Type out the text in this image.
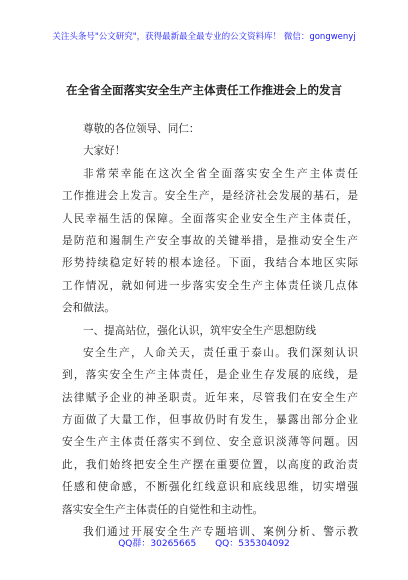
关注头条号"公文研究"，获得最新最全最专业的公文资料库！ 微信：gongwenyj
在全省全面落实安全生产主体责任工作推进会上的发言
尊敬的各位领导、同仁：
大家好！
非常荣幸能在这次全省全面落实安全生产主体责任
工作推进会上发言。安全生产，是经济社会发展的基石，是
人民幸福生活的保障。全面落实企业安全生产主体责任，
是防范和遏制生产安全事故的关键举措，是推动安全生产
形势持续稳定好转的根本途径。下面，我结合本地区实际
工作情况，就如何进一步落实安全生产主体责任谈几点体
会和做法。
一、提高站位，强化认识，筑牢安全生产思想防线
安全生产，人命关天，责任重于泰山。我们深刻认识
到，落实安全生产主体责任，是企业生存发展的底线，是
法律赋予企业的神圣职责。近年来，尽管我们在安全生产
方面做了大量工作，但事故仍时有发生，暴露出部分企业
安全生产主体责任落实不到位、安全意识淡薄等问题。因
此，我们始终把安全生产摆在重要位置，以高度的政治责
任感和使命感，不断强化红线意识和底线思维，切实增强
落实安全生产主体责任的自觉性和主动性。
我们通过开展安全生产专题培训、案例分析、警示教
QQ群：30265665 QQ：535304092
